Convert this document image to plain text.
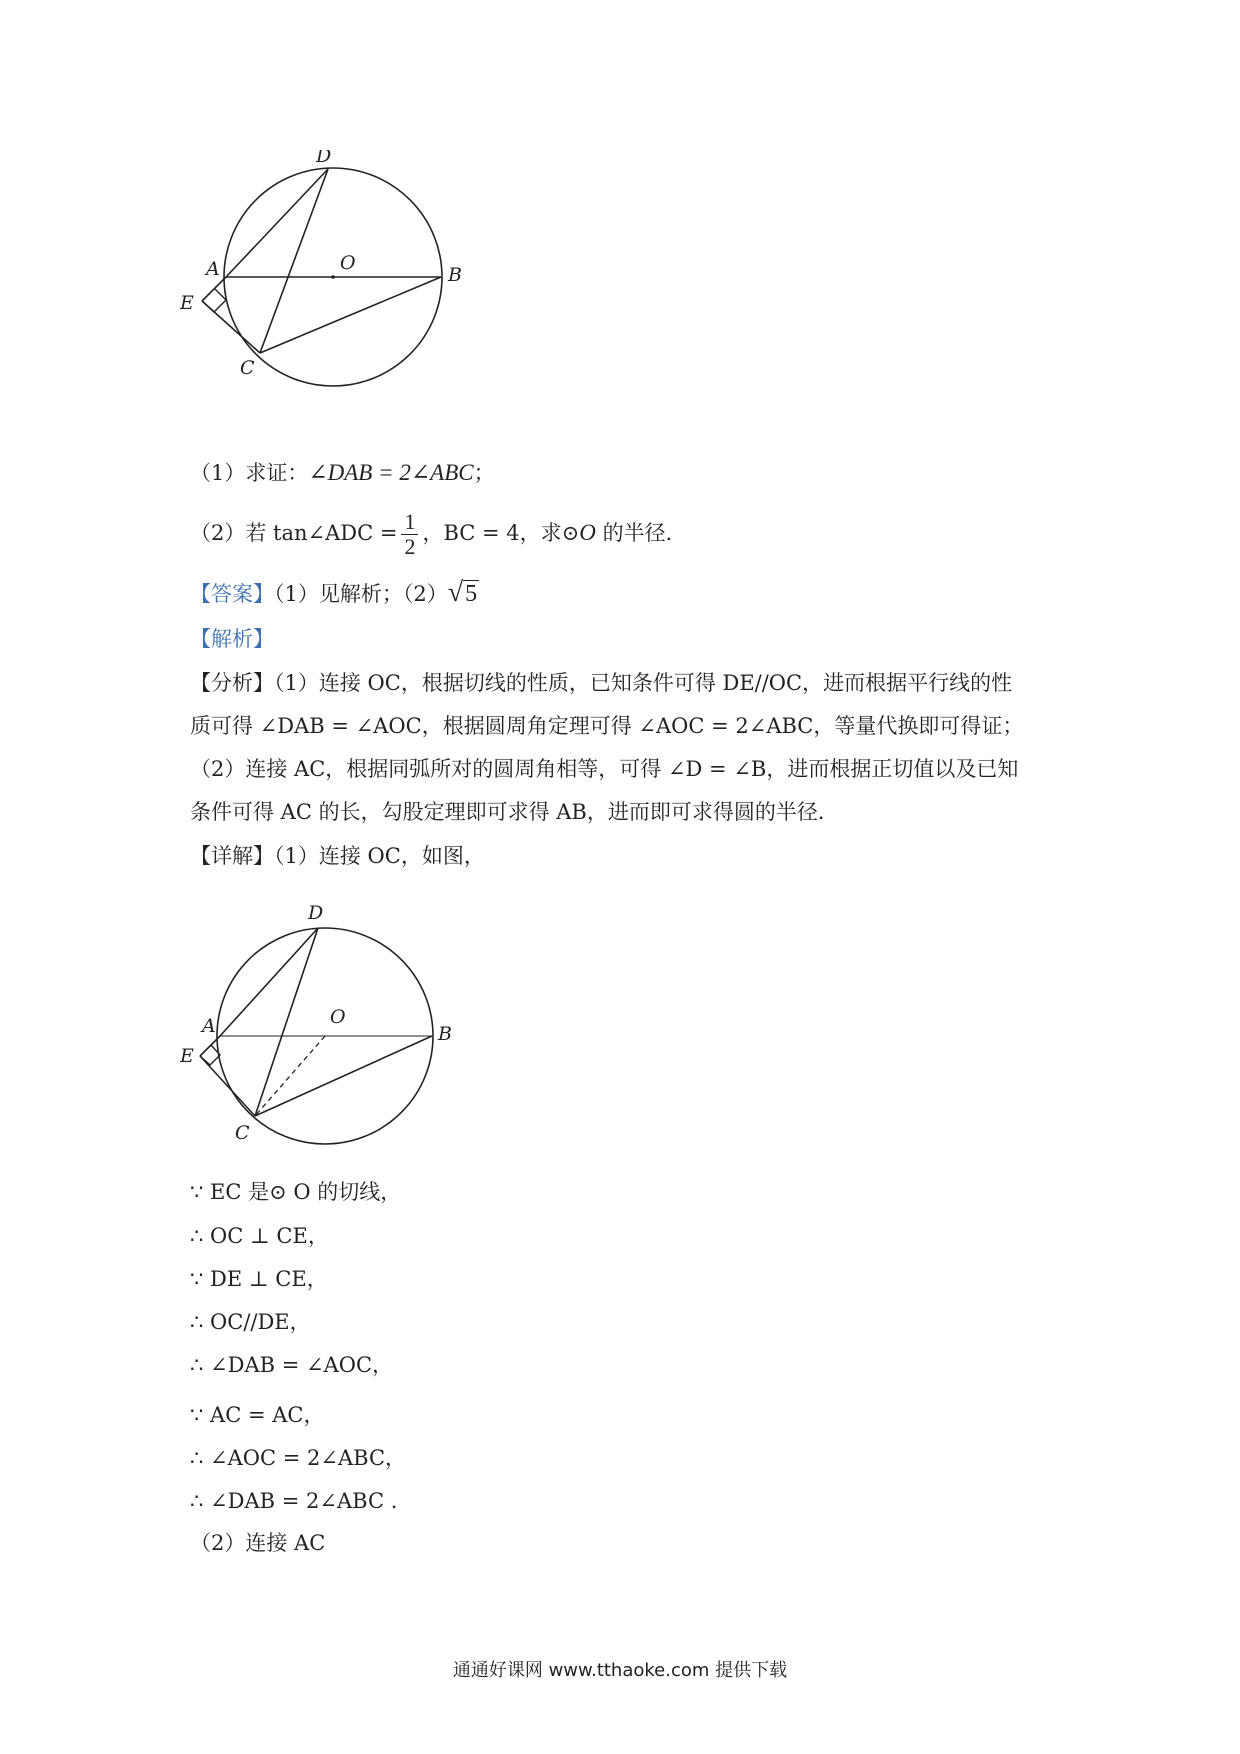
D
A	O
B
E
C
（1）求证：∠DAB = 2∠ABC；
（2）若 tan∠ADC = $\frac{1}{2}$ ，BC = 4，求⊙O 的半径．
【答案】（1）见解析；（2）√5
【解析】
【分析】（1）连接 OC，根据切线的性质，已知条件可得 DE//OC，进而根据平行线的性
质可得 ∠DAB = ∠AOC，根据圆周角定理可得 ∠AOC = 2∠ABC，等量代换即可得证；
（2）连接 AC，根据同弧所对的圆周角相等，可得 ∠D = ∠B，进而根据正切值以及已知
条件可得 AC 的长，勾股定理即可求得 AB，进而即可求得圆的半径．
【详解】（1）连接 OC，如图，
D
A	O
B
E
C
∵ EC 是⊙ O 的切线，
∴ OC ⊥ CE，
∵ DE ⊥ CE，
∴ OC//DE，
∴ ∠DAB = ∠AOC，
∵ AC = AC，
∴ ∠AOC = 2∠ABC，
∴ ∠DAB = 2∠ABC .
（2）连接 AC
通通好课网 www.tthaoke.com 提供下载
